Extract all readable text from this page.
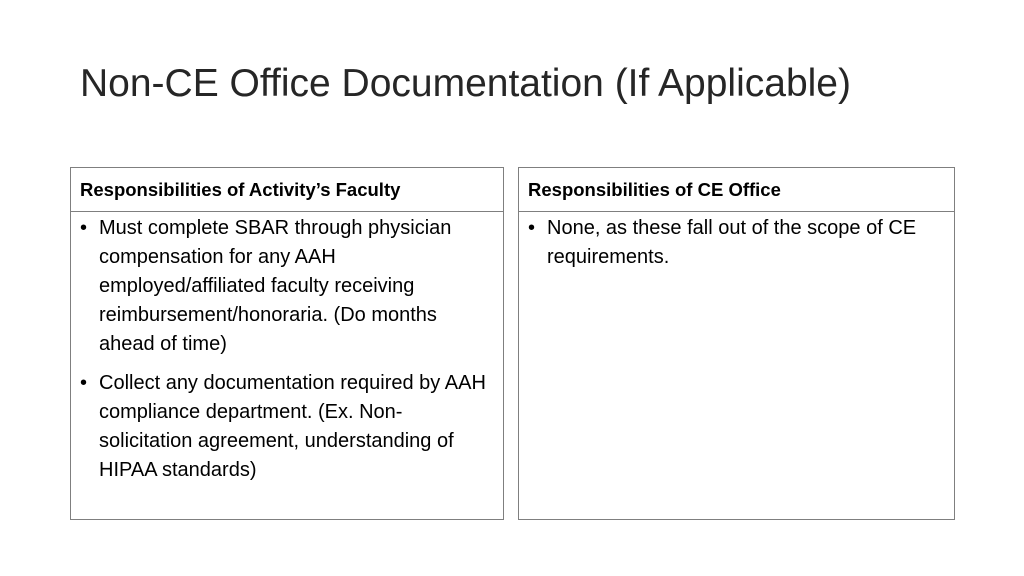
Non-CE Office Documentation (If Applicable)
Responsibilities of Activity’s Faculty
• Must complete SBAR through physician compensation for any AAH employed/affiliated faculty receiving reimbursement/honoraria. (Do months ahead of time)
• Collect any documentation required by AAH compliance department. (Ex. Non-solicitation agreement, understanding of HIPAA standards)
Responsibilities of CE Office
• None, as these fall out of the scope of CE requirements.
